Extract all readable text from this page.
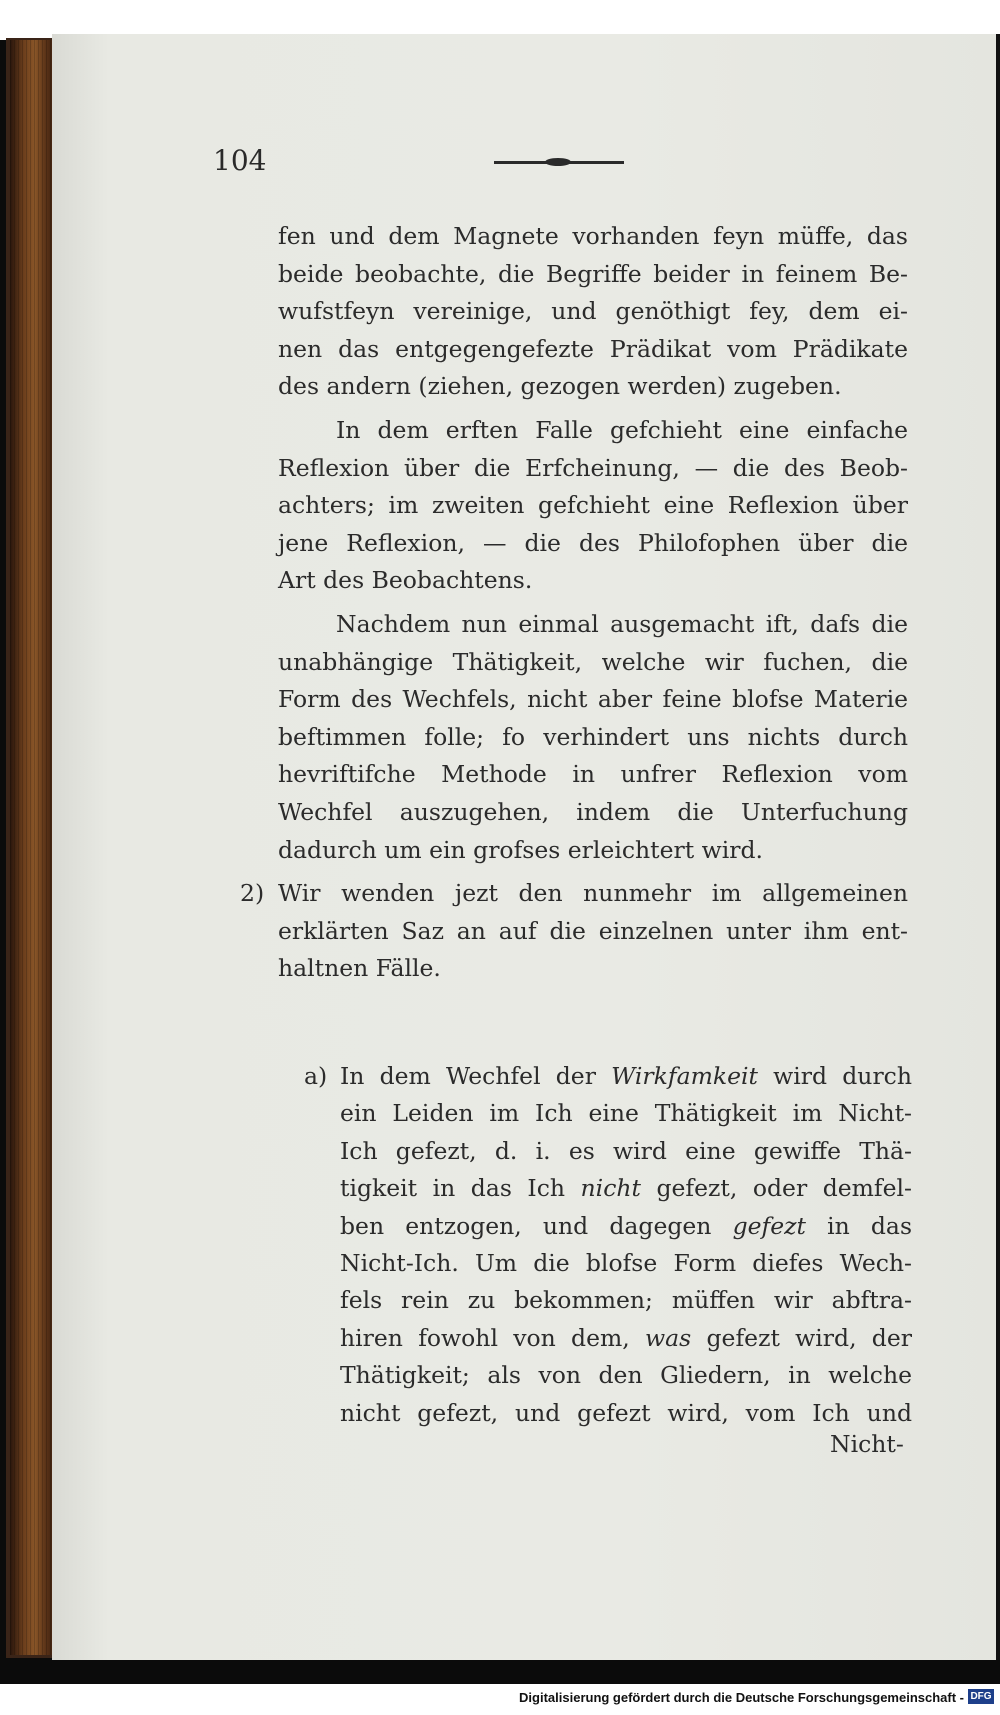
104
fen und dem Magnete vorhanden feyn müffe, das
beide beobachte, die Begriffe beider in feinem Be-
wufstfeyn vereinige, und genöthigt fey, dem ei-
nen das entgegengefezte Prädikat vom Prädikate
des andern (ziehen, gezogen werden) zugeben.
In dem erften Falle gefchieht eine einfache
Reflexion über die Erfcheinung, — die des Beob-
achters; im zweiten gefchieht eine Reflexion über
jene Reflexion, — die des Philofophen über die
Art des Beobachtens.
Nachdem nun einmal ausgemacht ift, dafs die
unabhängige Thätigkeit, welche wir fuchen, die
Form des Wechfels, nicht aber feine blofse Materie
beftimmen folle; fo verhindert uns nichts durch
hevriftifche Methode in unfrer Reflexion vom
Wechfel auszugehen, indem die Unterfuchung
dadurch um ein grofses erleichtert wird.
2) Wir wenden jezt den nunmehr im allgemeinen
erklärten Saz an auf die einzelnen unter ihm ent-
haltnen Fälle.
a) In dem Wechfel der Wirkfamkeit wird durch
ein Leiden im Ich eine Thätigkeit im Nicht-
Ich gefezt, d. i. es wird eine gewiffe Thä-
tigkeit in das Ich nicht gefezt, oder demfel-
ben entzogen, und dagegen gefezt in das
Nicht-Ich. Um die blofse Form diefes Wech-
fels rein zu bekommen; müffen wir abftra-
hiren fowohl von dem, was gefezt wird, der
Thätigkeit; als von den Gliedern, in welche
nicht gefezt, und gefezt wird, vom Ich und
Nicht-
Digitalisierung gefördert durch die Deutsche Forschungsgemeinschaft - DFG
